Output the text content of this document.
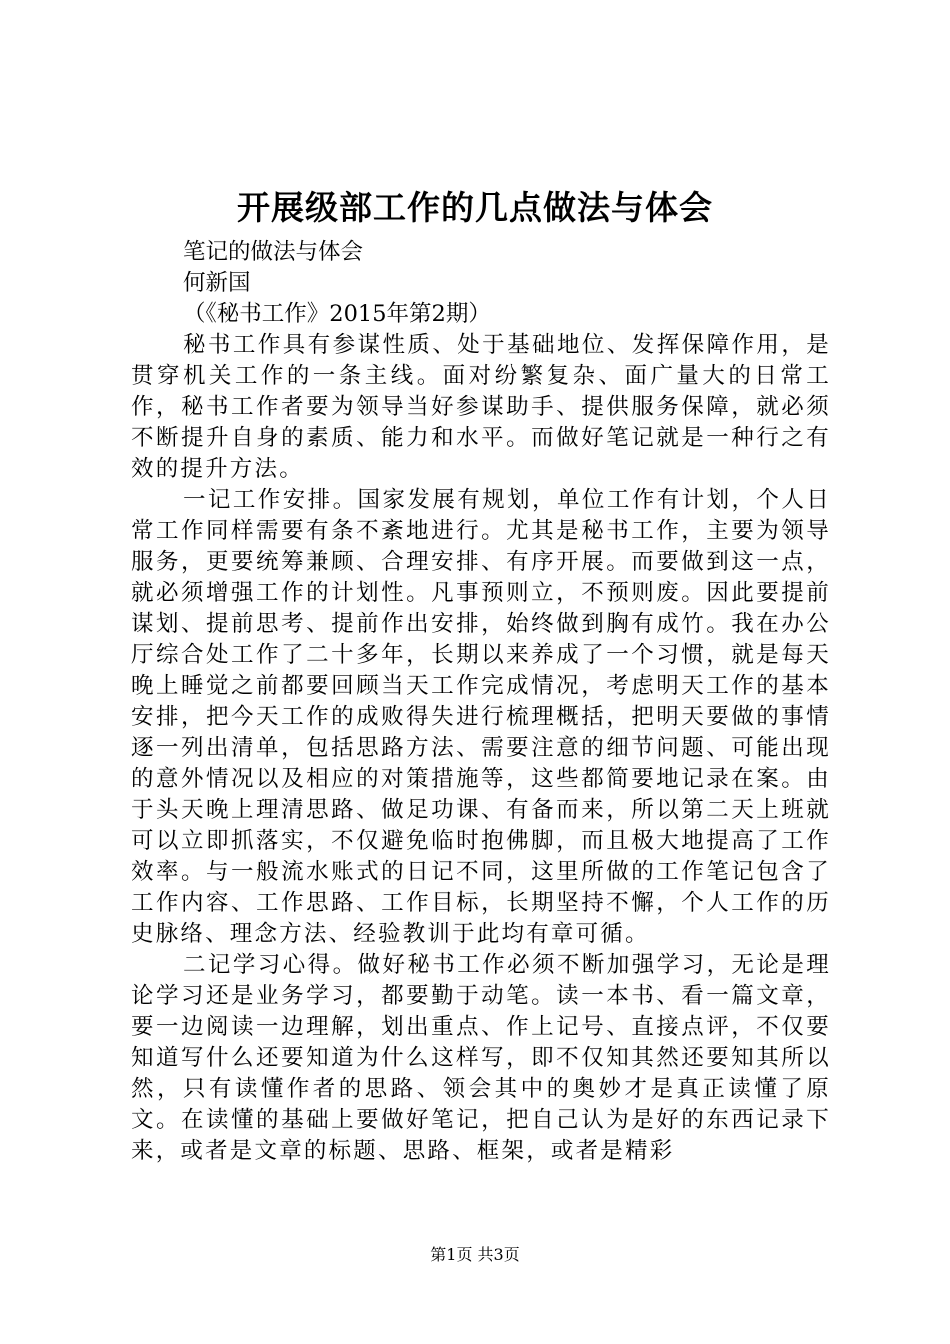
开展级部工作的几点做法与体会

笔记的做法与体会

何新国

（《秘书工作》2015年第2期）

秘书工作具有参谋性质、处于基础地位、发挥保障作用，是贯穿机关工作的一条主线。面对纷繁复杂、面广量大的日常工作，秘书工作者要为领导当好参谋助手、提供服务保障，就必须不断提升自身的素质、能力和水平。而做好笔记就是一种行之有效的提升方法。

一记工作安排。国家发展有规划，单位工作有计划，个人日常工作同样需要有条不紊地进行。尤其是秘书工作，主要为领导服务，更要统筹兼顾、合理安排、有序开展。而要做到这一点，就必须增强工作的计划性。凡事预则立，不预则废。因此要提前谋划、提前思考、提前作出安排，始终做到胸有成竹。我在办公厅综合处工作了二十多年，长期以来养成了一个习惯，就是每天晚上睡觉之前都要回顾当天工作完成情况，考虑明天工作的基本安排，把今天工作的成败得失进行梳理概括，把明天要做的事情逐一列出清单，包括思路方法、需要注意的细节问题、可能出现的意外情况以及相应的对策措施等，这些都简要地记录在案。由于头天晚上理清思路、做足功课、有备而来，所以第二天上班就可以立即抓落实，不仅避免临时抱佛脚，而且极大地提高了工作效率。与一般流水账式的日记不同，这里所做的工作笔记包含了工作内容、工作思路、工作目标，长期坚持不懈，个人工作的历史脉络、理念方法、经验教训于此均有章可循。

二记学习心得。做好秘书工作必须不断加强学习，无论是理论学习还是业务学习，都要勤于动笔。读一本书、看一篇文章，要一边阅读一边理解，划出重点、作上记号、直接点评，不仅要知道写什么还要知道为什么这样写，即不仅知其然还要知其所以然，只有读懂作者的思路、领会其中的奥妙才是真正读懂了原文。在读懂的基础上要做好笔记，把自己认为是好的东西记录下来，或者是文章的标题、思路、框架，或者是精彩

第1页 共3页
